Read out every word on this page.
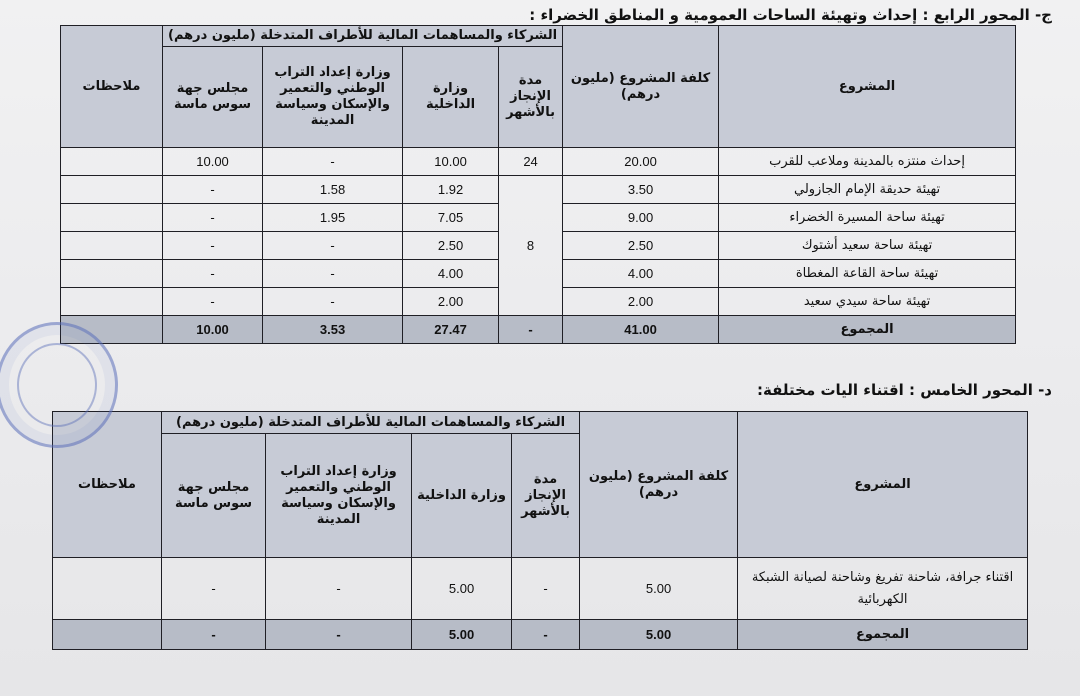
ج- المحور الرابع : إحداث وتهيئة الساحات العمومية و المناطق الخضراء :
المشروع	كلفة المشروع (مليون درهم)	الشركاء والمساهمات المالية للأطراف المتدخلة (مليون درهم)				ملاحظات
		مدة الإنجاز بالأشهر	وزارة الداخلية	وزارة إعداد التراب الوطني والتعمير والإسكان وسياسة المدينة	مجلس جهة سوس ماسة	
إحداث منتزه بالمدينة وملاعب للقرب	20.00	24	10.00	-	10.00	
تهيئة حديقة الإمام الجازولي	3.50	8	1.92	1.58	-	
تهيئة ساحة المسيرة الخضراء	9.00		7.05	1.95	-	
تهيئة ساحة سعيد أشتوك	2.50		2.50	-	-	
تهيئة ساحة القاعة المغطاة	4.00		4.00	-	-	
تهيئة ساحة سيدي سعيد	2.00		2.00	-	-	
المجموع	41.00	-	27.47	3.53	10.00	
د- المحور الخامس : اقتناء اليات مختلفة:
المشروع	كلفة المشروع (مليون درهم)	الشركاء والمساهمات المالية للأطراف المتدخلة (مليون درهم)				ملاحظات
		مدة الإنجاز بالأشهر	وزارة الداخلية	وزارة إعداد التراب الوطني والتعمير والإسكان وسياسة المدينة	مجلس جهة سوس ماسة	
اقتناء جرافة، شاحنة تفريغ وشاحنة لصيانة الشبكة الكهربائية	5.00	-	5.00	-	-	
المجموع	5.00	-	5.00	-	-	
